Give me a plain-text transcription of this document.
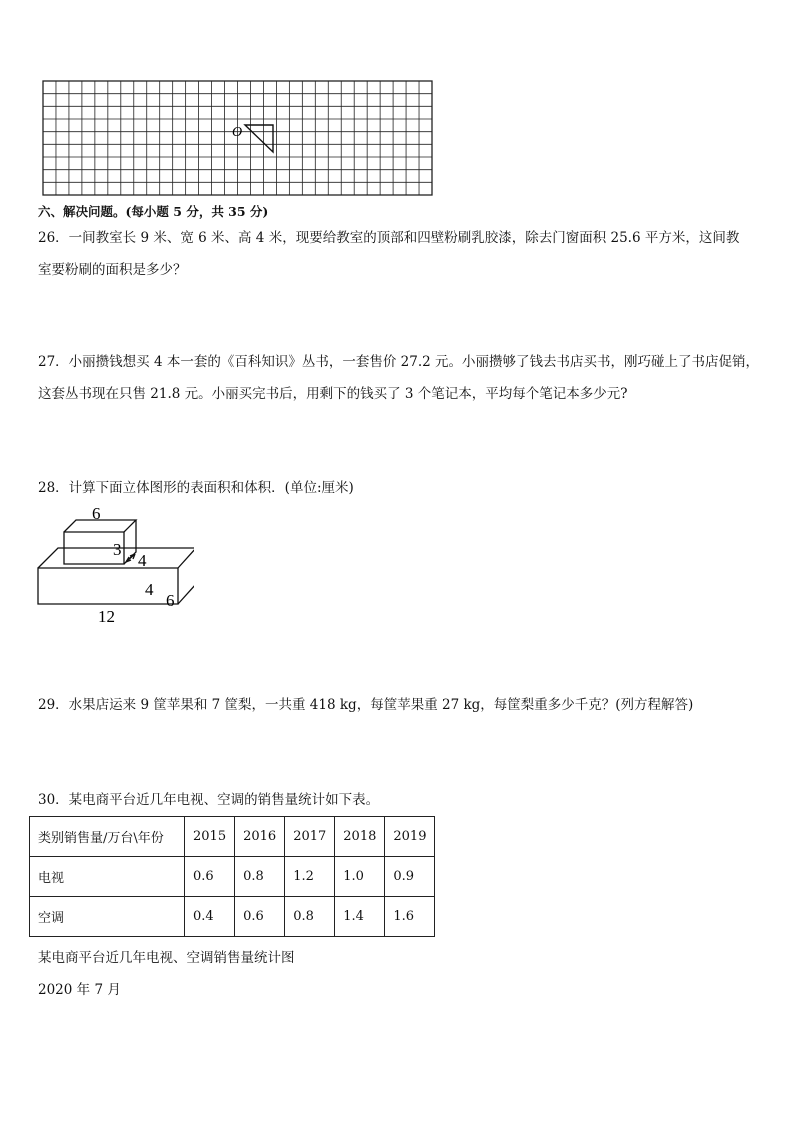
O
六、解决问题。(每小题 5 分，共 35 分)
26．一间教室长 9 米、宽 6 米、高 4 米，现要给教室的顶部和四壁粉刷乳胶漆，除去门窗面积 25.6 平方米，这间教
室要粉刷的面积是多少？
27．小丽攒钱想买 4 本一套的《百科知识》丛书，一套售价 27.2 元。小丽攒够了钱去书店买书，刚巧碰上了书店促销，
这套丛书现在只售 21.8 元。小丽买完书后，用剩下的钱买了 3 个笔记本，平均每个笔记本多少元?
28．计算下面立体图形的表面积和体积．(单位:厘米)
6
3
4
4
6
12
29．水果店运来 9 筐苹果和 7 筐梨，一共重 418 kg，每筐苹果重 27 kg，每筐梨重多少千克？(列方程解答)
30．某电商平台近几年电视、空调的销售量统计如下表。
类别销售量/万台\年份	2015	2016	2017	2018	2019
电视	0.6	0.8	1.2	1.0	0.9
空调	0.4	0.6	0.8	1.4	1.6
某电商平台近几年电视、空调销售量统计图
2020 年 7 月
